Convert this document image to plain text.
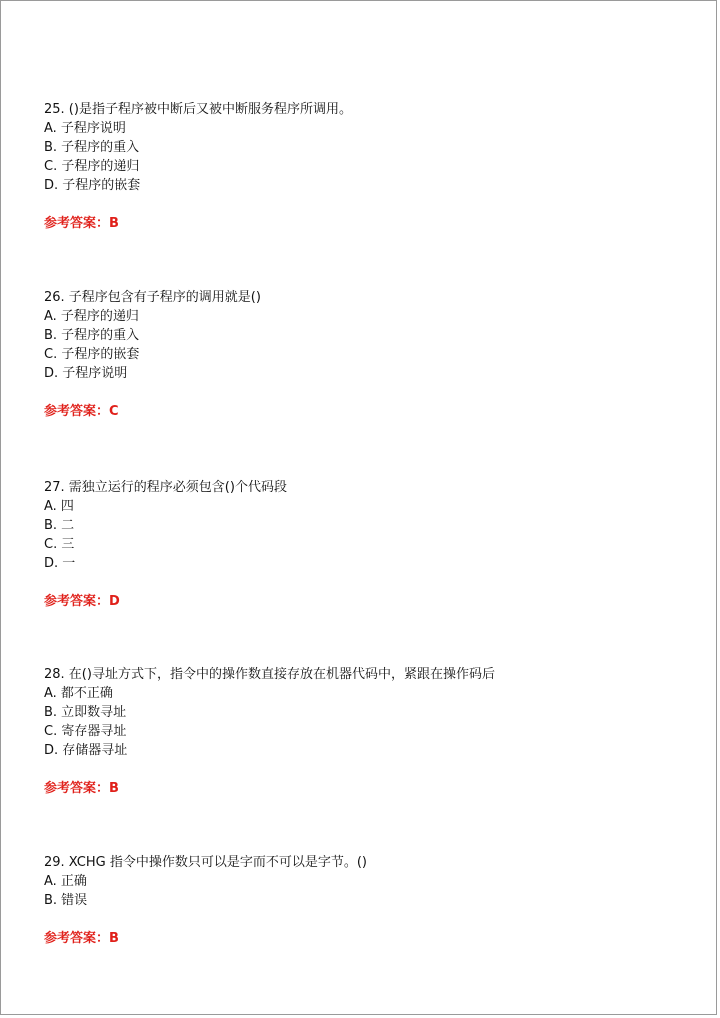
25. ()是指子程序被中断后又被中断服务程序所调用。
A. 子程序说明
B. 子程序的重入
C. 子程序的递归
D. 子程序的嵌套
参考答案：B
26. 子程序包含有子程序的调用就是()
A. 子程序的递归
B. 子程序的重入
C. 子程序的嵌套
D. 子程序说明
参考答案：C
27. 需独立运行的程序必须包含()个代码段
A. 四
B. 二
C. 三
D. 一
参考答案：D
28. 在()寻址方式下，指令中的操作数直接存放在机器代码中，紧跟在操作码后
A. 都不正确
B. 立即数寻址
C. 寄存器寻址
D. 存储器寻址
参考答案：B
29. XCHG 指令中操作数只可以是字而不可以是字节。()
A. 正确
B. 错误
参考答案：B
